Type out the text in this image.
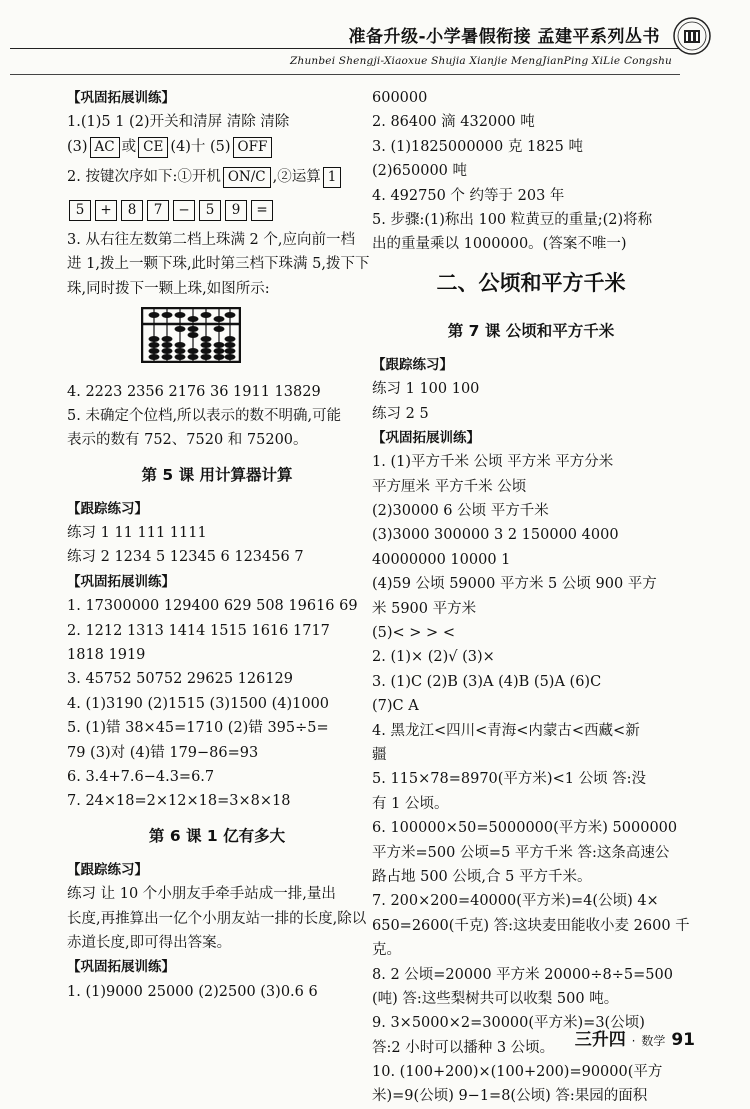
准备升级-小学暑假衔接 孟建平系列丛书
Zhunbei Shengji-Xiaoxue Shujia Xianjie MengJianPing XiLie Congshu
【巩固拓展训练】
1.(1)5 1 (2)开关和清屏 清除 清除
(3) AC 或 CE (4)十 (5) OFF
2. 按键次序如下:①开机 ON/C ,②运算 1
5 + 8 7 − 5 9 =
3. 从右往左数第二档上珠满 2 个,应向前一档
进 1,拨上一颗下珠,此时第三档下珠满 5,拨下下
珠,同时拨下一颗上珠,如图所示:
4. 2223 2356 2176 36 1911 13829
5. 未确定个位档,所以表示的数不明确,可能
表示的数有 752、7520 和 75200。
第 5 课 用计算器计算
【跟踪练习】
练习 1 11 111 1111
练习 2 1234 5 12345 6 123456 7
【巩固拓展训练】
1. 17300000 129400 629 508 19616 69
2. 1212 1313 1414 1515 1616 1717
1818 1919
3. 45752 50752 29625 126129
4. (1)3190 (2)1515 (3)1500 (4)1000
5. (1)错 38×45=1710 (2)错 395÷5=
79 (3)对 (4)错 179−86=93
6. 3.4+7.6−4.3=6.7
7. 24×18=2×12×18=3×8×18
第 6 课 1 亿有多大
【跟踪练习】
练习 让 10 个小朋友手牵手站成一排,量出
长度,再推算出一亿个小朋友站一排的长度,除以
赤道长度,即可得出答案。
【巩固拓展训练】
1. (1)9000 25000 (2)2500 (3)0.6 6
600000
2. 86400 滴 432000 吨
3. (1)1825000000 克 1825 吨
(2)650000 吨
4. 492750 个 约等于 203 年
5. 步骤:(1)称出 100 粒黄豆的重量;(2)将称
出的重量乘以 1000000。(答案不唯一)
二、公顷和平方千米
第 7 课 公顷和平方千米
【跟踪练习】
练习 1 100 100
练习 2 5
【巩固拓展训练】
1. (1)平方千米 公顷 平方米 平方分米
平方厘米 平方千米 公顷
(2)30000 6 公顷 平方千米
(3)3000 300000 3 2 150000 4000
40000000 10000 1
(4)59 公顷 59000 平方米 5 公顷 900 平方
米 5900 平方米
(5)< > > <
2. (1)× (2)√ (3)×
3. (1)C (2)B (3)A (4)B (5)A (6)C
(7)C A
4. 黑龙江<四川<青海<内蒙古<西藏<新
疆
5. 115×78=8970(平方米)<1 公顷 答:没
有 1 公顷。
6. 100000×50=5000000(平方米) 5000000
平方米=500 公顷=5 平方千米 答:这条高速公
路占地 500 公顷,合 5 平方千米。
7. 200×200=40000(平方米)=4(公顷) 4×
650=2600(千克) 答:这块麦田能收小麦 2600 千
克。
8. 2 公顷=20000 平方米 20000÷8÷5=500
(吨) 答:这些梨树共可以收梨 500 吨。
9. 3×5000×2=30000(平方米)=3(公顷)
答:2 小时可以播种 3 公顷。
10. (100+200)×(100+200)=90000(平方
米)=9(公顷) 9−1=8(公顷) 答:果园的面积
三升四 · 数学 91
